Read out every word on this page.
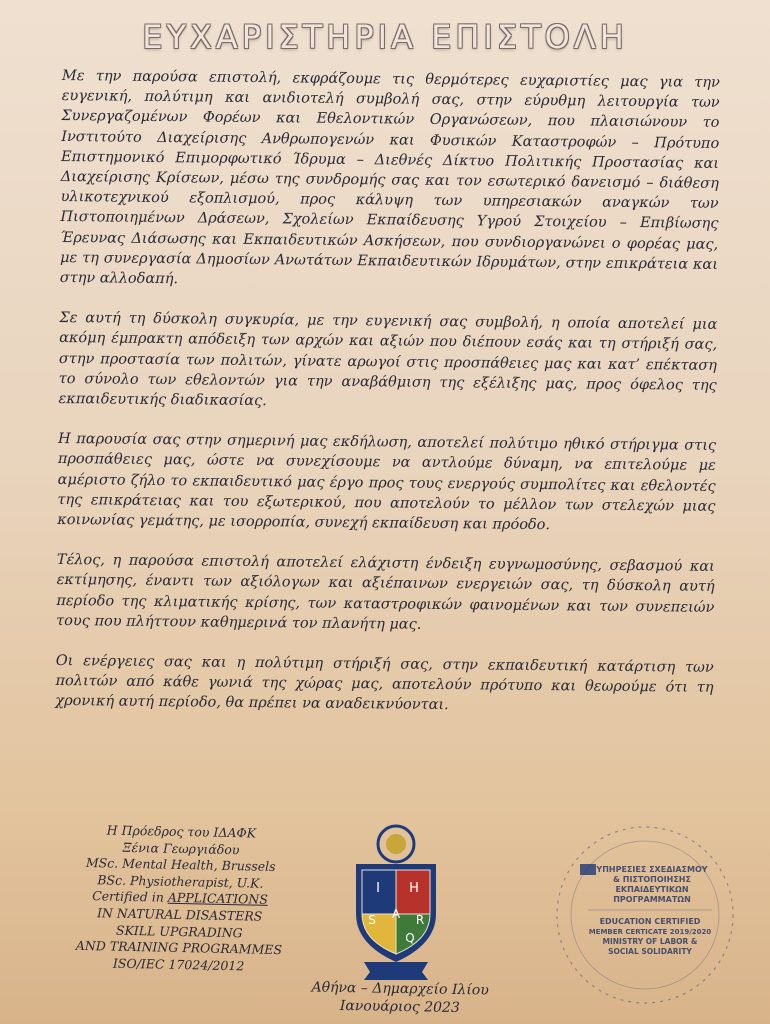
ΕΥΧΑΡΙΣΤΗΡΙΑ ΕΠΙΣΤΟΛΗ

Με την παρούσα επιστολή, εκφράζουμε τις θερμότερες ευχαριστίες μας για την ευγενική, πολύτιμη και ανιδιοτελή συμβολή σας, στην εύρυθμη λειτουργία των Συνεργαζομένων Φορέων και Εθελοντικών Οργανώσεων, που πλαισιώνουν το Ινστιτούτο Διαχείρισης Ανθρωπογενών και Φυσικών Καταστροφών – Πρότυπο Επιστημονικό Επιμορφωτικό Ίδρυμα – Διεθνές Δίκτυο Πολιτικής Προστασίας και Διαχείρισης Κρίσεων, μέσω της συνδρομής σας και τον εσωτερικό δανεισμό – διάθεση υλικοτεχνικού εξοπλισμού, προς κάλυψη των υπηρεσιακών αναγκών των Πιστοποιημένων Δράσεων, Σχολείων Εκπαίδευσης Υγρού Στοιχείου – Επιβίωσης Έρευνας Διάσωσης και Εκπαιδευτικών Ασκήσεων, που συνδιοργανώνει ο φορέας μας, με τη συνεργασία Δημοσίων Ανωτάτων Εκπαιδευτικών Ιδρυμάτων, στην επικράτεια και στην αλλοδαπή.

Σε αυτή τη δύσκολη συγκυρία, με την ευγενική σας συμβολή, η οποία αποτελεί μια ακόμη έμπρακτη απόδειξη των αρχών και αξιών που διέπουν εσάς και τη στήριξή σας, στην προστασία των πολιτών, γίνατε αρωγοί στις προσπάθειες μας και κατ’ επέκταση το σύνολο των εθελοντών για την αναβάθμιση της εξέλιξης μας, προς όφελος της εκπαιδευτικής διαδικασίας.

Η παρουσία σας στην σημερινή μας εκδήλωση, αποτελεί πολύτιμο ηθικό στήριγμα στις προσπάθειες μας, ώστε να συνεχίσουμε να αντλούμε δύναμη, να επιτελούμε με αμέριστο ζήλο το εκπαιδευτικό μας έργο προς τους ενεργούς συμπολίτες και εθελοντές της επικράτειας και του εξωτερικού, που αποτελούν το μέλλον των στελεχών μιας κοινωνίας γεμάτης, με ισορροπία, συνεχή εκπαίδευση και πρόοδο.

Τέλος, η παρούσα επιστολή αποτελεί ελάχιστη ένδειξη ευγνωμοσύνης, σεβασμού και εκτίμησης, έναντι των αξιόλογων και αξιέπαινων ενεργειών σας, τη δύσκολη αυτή περίοδο της κλιματικής κρίσης, των καταστροφικών φαινομένων και των συνεπειών τους που πλήττουν καθημερινά τον πλανήτη μας.

Οι ενέργειες σας και η πολύτιμη στήριξή σας, στην εκπαιδευτική κατάρτιση των πολιτών από κάθε γωνιά της χώρας μας, αποτελούν πρότυπο και θεωρούμε ότι τη χρονική αυτή περίοδο, θα πρέπει να αναδεικνύονται.

Η Πρόεδρος του ΙΔΑΦΚ
Ξένια Γεωργιάδου
MSc. Mental Health, Brussels
BSc. Physiotherapist, U.K.
Certified in APPLICATIONS
IN NATURAL DISASTERS
SKILL UPGRADING
AND TRAINING PROGRAMMES
ISO/IEC 17024/2012
I H
S A R
Q
Αθήνα – Δημαρχείο Ιλίου
Ιανουάριος 2023
ΥΠΗΡΕΣΙΕΣ ΣΧΕΔΙΑΣΜΟΥ
& ΠΙΣΤΟΠΟΙΗΣΗΣ
ΕΚΠΑΙΔΕΥΤΙΚΩΝ
ΠΡΟΓΡΑΜΜΑΤΩΝ
EDUCATION CERTIFIED
MEMBER CERTICATE 2019/2020
MINISTRY OF LABOR &
SOCIAL SOLIDARITY
